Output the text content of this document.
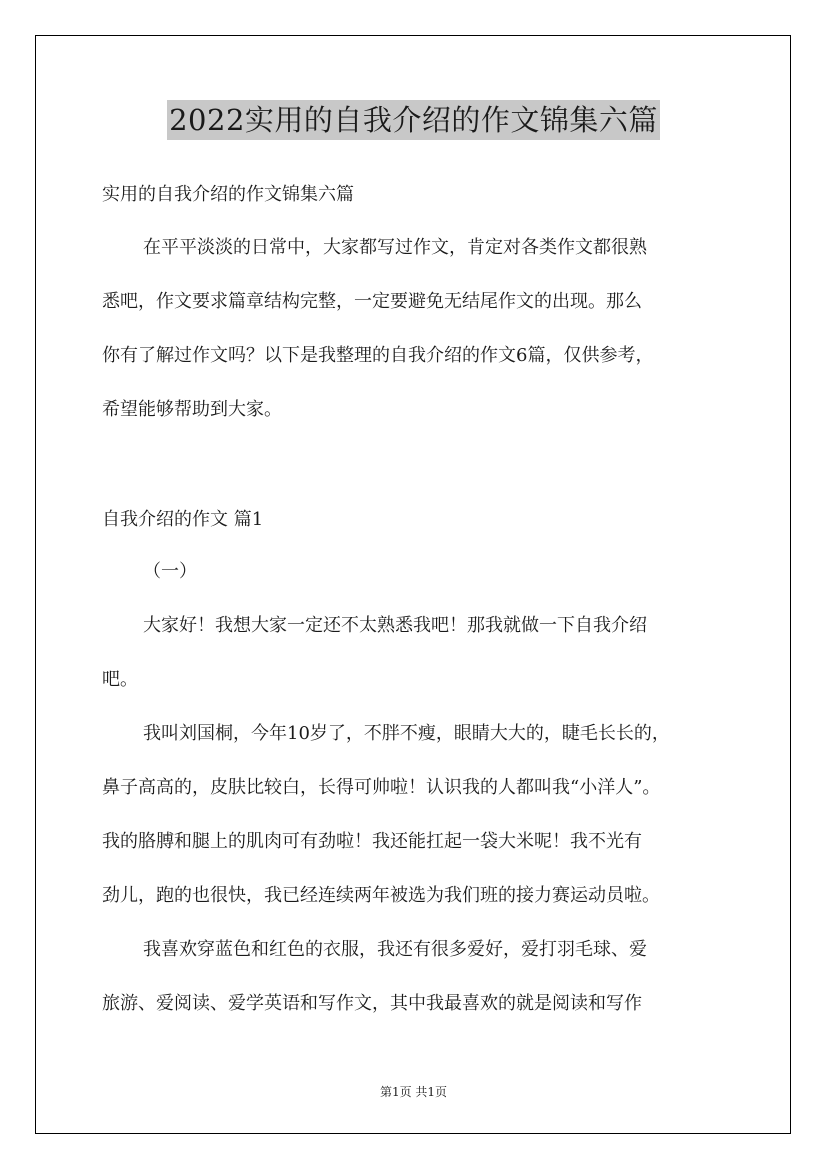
2022实用的自我介绍的作文锦集六篇
实用的自我介绍的作文锦集六篇
在平平淡淡的日常中，大家都写过作文，肯定对各类作文都很熟
悉吧，作文要求篇章结构完整，一定要避免无结尾作文的出现。那么
你有了解过作文吗？以下是我整理的自我介绍的作文6篇，仅供参考，
希望能够帮助到大家。
自我介绍的作文 篇1
（一）
大家好！我想大家一定还不太熟悉我吧！那我就做一下自我介绍
吧。
我叫刘国桐，今年10岁了，不胖不瘦，眼睛大大的，睫毛长长的，
鼻子高高的，皮肤比较白，长得可帅啦！认识我的人都叫我“小洋人”。
我的胳膊和腿上的肌肉可有劲啦！我还能扛起一袋大米呢！我不光有
劲儿，跑的也很快，我已经连续两年被选为我们班的接力赛运动员啦。
我喜欢穿蓝色和红色的衣服，我还有很多爱好，爱打羽毛球、爱
旅游、爱阅读、爱学英语和写作文，其中我最喜欢的就是阅读和写作
第1页 共1页
